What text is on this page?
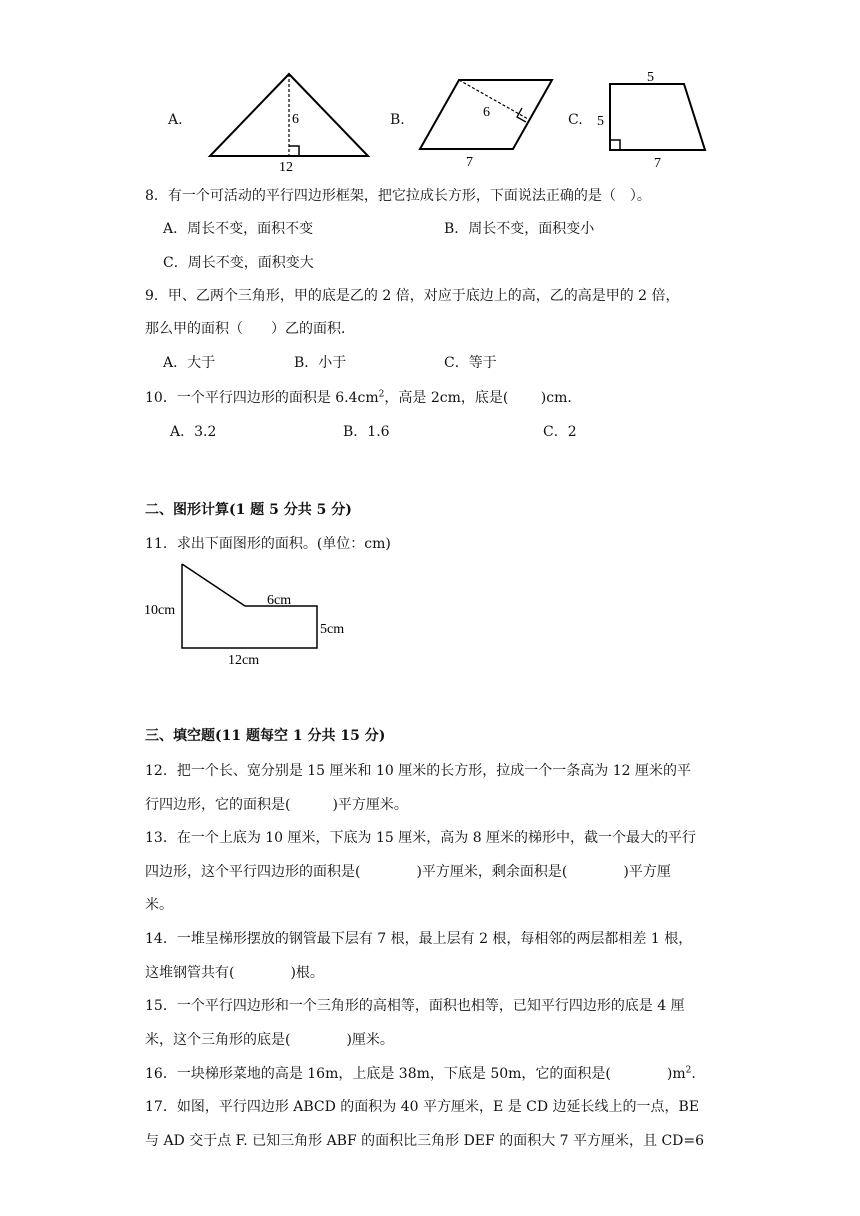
A.	6
12
B.	6
7
C.
5
5
7
8．有一个可活动的平行四边形框架，把它拉成长方形，下面说法正确的是（　）。
A．周长不变，面积不变	B．周长不变，面积变小
C．周长不变，面积变大
9．甲、乙两个三角形，甲的底是乙的 2 倍，对应于底边上的高，乙的高是甲的 2 倍，
那么甲的面积（　　）乙的面积．
A．大于	B．小于	C．等于
10．一个平行四边形的面积是 $6.4cm^2$，高是 2cm，底是(　　 )cm．
A．3.2	B．1.6	C．2
二、图形计算(1 题 5 分共 5 分)
11．求出下面图形的面积。(单位：cm)
10cm
6cm
5cm
12cm
三、填空题(11 题每空 1 分共 15 分)
12．把一个长、宽分别是 15 厘米和 10 厘米的长方形，拉成一个一条高为 12 厘米的平
行四边形，它的面积是(　　　)平方厘米。
13．在一个上底为 10 厘米，下底为 15 厘米，高为 8 厘米的梯形中，截一个最大的平行
四边形，这个平行四边形的面积是(　　　　)平方厘米，剩余面积是(　　　　)平方厘
米。
14．一堆呈梯形摆放的钢管最下层有 7 根，最上层有 2 根，每相邻的两层都相差 1 根，
这堆钢管共有(　　　　)根。
15．一个平行四边形和一个三角形的高相等，面积也相等，已知平行四边形的底是 4 厘
米，这个三角形的底是(　　　　)厘米。
16．一块梯形菜地的高是 16m，上底是 38m，下底是 50m，它的面积是(　　　　)$m^2$.
17．如图，平行四边形 ABCD 的面积为 40 平方厘米，E 是 CD 边延长线上的一点，BE
与 AD 交于点 F. 已知三角形 ABF 的面积比三角形 DEF 的面积大 7 平方厘米，且 CD=6
